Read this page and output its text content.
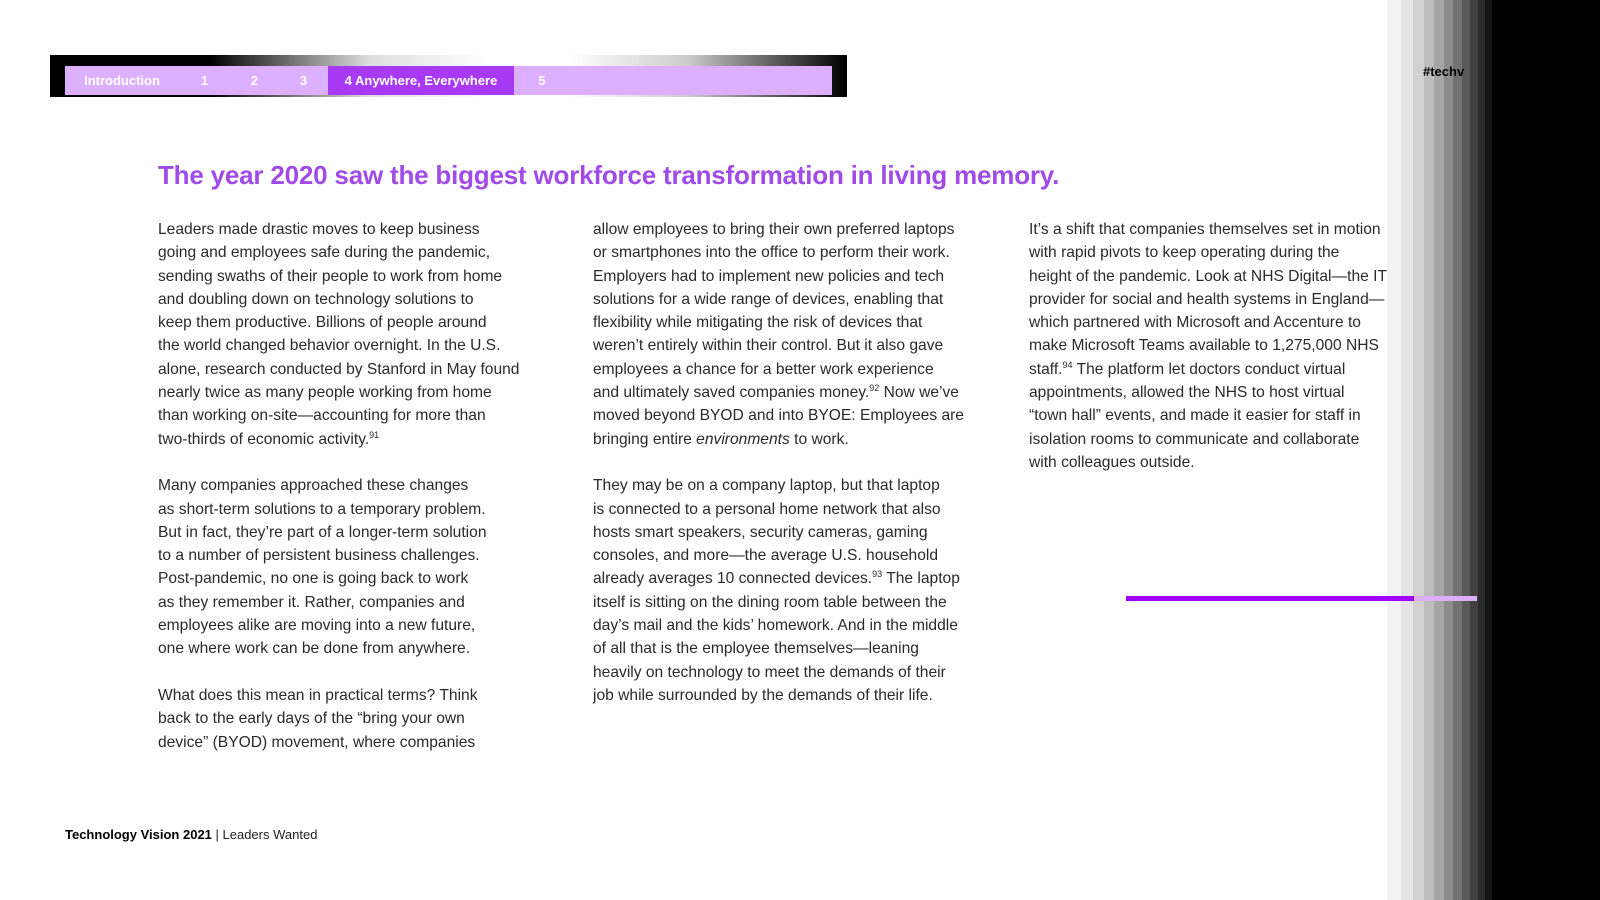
Introduction	1	2	3	4 Anywhere, Everywhere	5
#techv
The year 2020 saw the biggest workforce transformation in living memory.

Leaders made drastic moves to keep business
going and employees safe during the pandemic,
sending swaths of their people to work from home
and doubling down on technology solutions to
keep them productive. Billions of people around
the world changed behavior overnight. In the U.S.
alone, research conducted by Stanford in May found
nearly twice as many people working from home
than working on-site—accounting for more than
two-thirds of economic activity.$^{91}$

Many companies approached these changes
as short-term solutions to a temporary problem.
But in fact, they’re part of a longer-term solution
to a number of persistent business challenges.
Post-pandemic, no one is going back to work
as they remember it. Rather, companies and
employees alike are moving into a new future,
one where work can be done from anywhere.

What does this mean in practical terms? Think
back to the early days of the “bring your own
device” (BYOD) movement, where companies

allow employees to bring their own preferred laptops
or smartphones into the office to perform their work.
Employers had to implement new policies and tech
solutions for a wide range of devices, enabling that
flexibility while mitigating the risk of devices that
weren’t entirely within their control. But it also gave
employees a chance for a better work experience
and ultimately saved companies money.$^{92}$ Now we’ve
moved beyond BYOD and into BYOE: Employees are
bringing entire environments to work.

They may be on a company laptop, but that laptop
is connected to a personal home network that also
hosts smart speakers, security cameras, gaming
consoles, and more—the average U.S. household
already averages 10 connected devices.$^{93}$ The laptop
itself is sitting on the dining room table between the
day’s mail and the kids’ homework. And in the middle
of all that is the employee themselves—leaning
heavily on technology to meet the demands of their
job while surrounded by the demands of their life.

It’s a shift that companies themselves set in motion
with rapid pivots to keep operating during the
height of the pandemic. Look at NHS Digital—the IT
provider for social and health systems in England—
which partnered with Microsoft and Accenture to
make Microsoft Teams available to 1,275,000 NHS
staff.$^{94}$ The platform let doctors conduct virtual
appointments, allowed the NHS to host virtual
“town hall” events, and made it easier for staff in
isolation rooms to communicate and collaborate
with colleagues outside.

Technology Vision 2021 | Leaders Wanted
